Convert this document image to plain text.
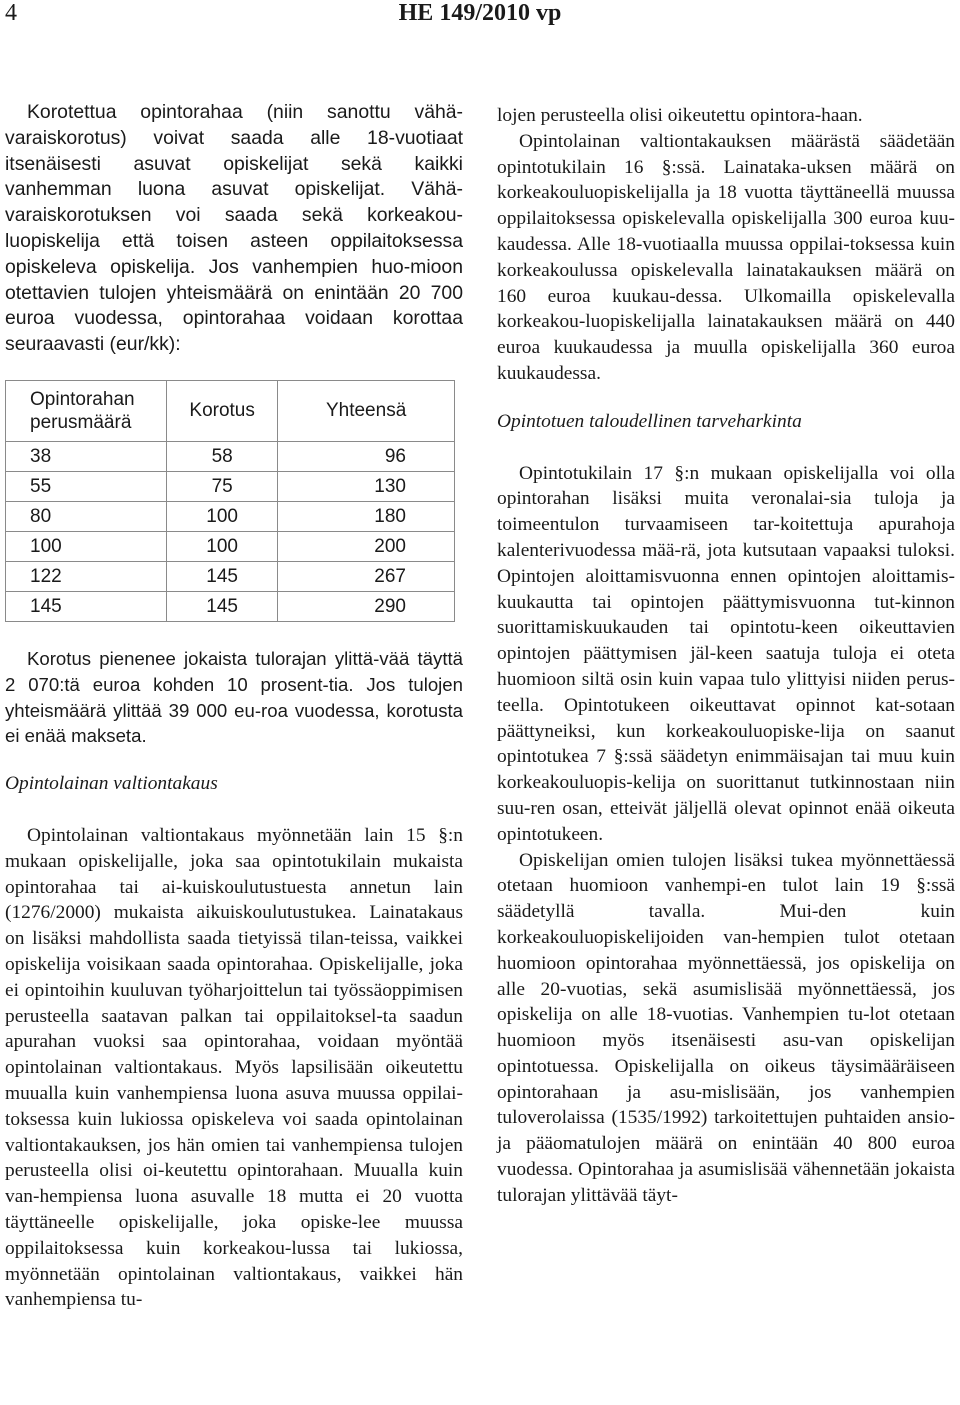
4	HE 149/2010 vp

Korotettua opintorahaa (niin sanottu vähä-varaiskorotus) voivat saada alle 18-vuotiaat itsenäisesti asuvat opiskelijat sekä kaikki vanhemman luona asuvat opiskelijat. Vähä-varaiskorotuksen voi saada sekä korkeakou-luopiskelija että toisen asteen oppilaitoksessa opiskeleva opiskelija. Jos vanhempien huo-mioon otettavien tulojen yhteismäärä on enintään 20 700 euroa vuodessa, opintorahaa voidaan korottaa seuraavasti (eur/kk):

Opintorahan perusmäärä	Korotus	Yhteensä
38	58	96
55	75	130
80	100	180
100	100	200
122	145	267
145	145	290

Korotus pienenee jokaista tulorajan ylittä-vää täyttä 2 070:tä euroa kohden 10 prosent-tia. Jos tulojen yhteismäärä ylittää 39 000 eu-roa vuodessa, korotusta ei enää makseta.

Opintolainan valtiontakaus

Opintolainan valtiontakaus myönnetään lain 15 §:n mukaan opiskelijalle, joka saa opintotukilain mukaista opintorahaa tai ai-kuiskoulutustuesta annetun lain (1276/2000) mukaista aikuiskoulutustukea. Lainatakaus on lisäksi mahdollista saada tietyissä tilan-teissa, vaikkei opiskelija voisikaan saada opintorahaa. Opiskelijalle, joka ei opintoihin kuuluvan työharjoittelun tai työssäoppimisen perusteella saatavan palkan tai oppilaitoksel-ta saadun apurahan vuoksi saa opintorahaa, voidaan myöntää opintolainan valtiontakaus. Myös lapsilisään oikeutettu muualla kuin vanhempiensa luona asuva muussa oppilai-toksessa kuin lukiossa opiskeleva voi saada opintolainan valtiontakauksen, jos hän omien tai vanhempiensa tulojen perusteella olisi oi-keutettu opintorahaan. Muualla kuin van-hempiensa luona asuvalle 18 mutta ei 20 vuotta täyttäneelle opiskelijalle, joka opiske-lee muussa oppilaitoksessa kuin korkeakou-lussa tai lukiossa, myönnetään opintolainan valtiontakaus, vaikkei hän vanhempiensa tu-

lojen perusteella olisi oikeutettu opintora-haan.

Opintolainan valtiontakauksen määrästä säädetään opintotukilain 16 §:ssä. Lainataka-uksen määrä on korkeakouluopiskelijalla ja 18 vuotta täyttäneellä muussa oppilaitoksessa opiskelevalla opiskelijalla 300 euroa kuu-kaudessa. Alle 18-vuotiaalla muussa oppilai-toksessa kuin korkeakoulussa opiskelevalla lainatakauksen määrä on 160 euroa kuukau-dessa. Ulkomailla opiskelevalla korkeakou-luopiskelijalla lainatakauksen määrä on 440 euroa kuukaudessa ja muulla opiskelijalla 360 euroa kuukaudessa.

Opintotuen taloudellinen tarveharkinta

Opintotukilain 17 §:n mukaan opiskelijalla voi olla opintorahan lisäksi muita veronalai-sia tuloja ja toimeentulon turvaamiseen tar-koitettuja apurahoja kalenterivuodessa mää-rä, jota kutsutaan vapaaksi tuloksi. Opintojen aloittamisvuonna ennen opintojen aloittamis-kuukautta tai opintojen päättymisvuonna tut-kinnon suorittamiskuukauden tai opintotu-keen oikeuttavien opintojen päättymisen jäl-keen saatuja tuloja ei oteta huomioon siltä osin kuin vapaa tulo ylittyisi niiden perus-teella. Opintotukeen oikeuttavat opinnot kat-sotaan päättyneiksi, kun korkeakouluopiske-lija on saanut opintotukea 7 §:ssä säädetyn enimmäisajan tai muu kuin korkeakouluopis-kelija on suorittanut tutkinnostaan niin suu-ren osan, etteivät jäljellä olevat opinnot enää oikeuta opintotukeen.

Opiskelijan omien tulojen lisäksi tukea myönnettäessä otetaan huomioon vanhempi-en tulot lain 19 §:ssä säädetyllä tavalla. Mui-den kuin korkeakouluopiskelijoiden van-hempien tulot otetaan huomioon opintorahaa myönnettäessä, jos opiskelija on alle 20-vuotias, sekä asumislisää myönnettäessä, jos opiskelija on alle 18-vuotias. Vanhempien tu-lot otetaan huomioon myös itsenäisesti asu-van opiskelijan opintotuessa. Opiskelijalla on oikeus täysimääräiseen opintorahaan ja asu-mislisään, jos vanhempien tuloverolaissa (1535/1992) tarkoitettujen puhtaiden ansio-ja pääomatulojen määrä on enintään 40 800 euroa vuodessa. Opintorahaa ja asumislisää vähennetään jokaista tulorajan ylittävää täyt-
